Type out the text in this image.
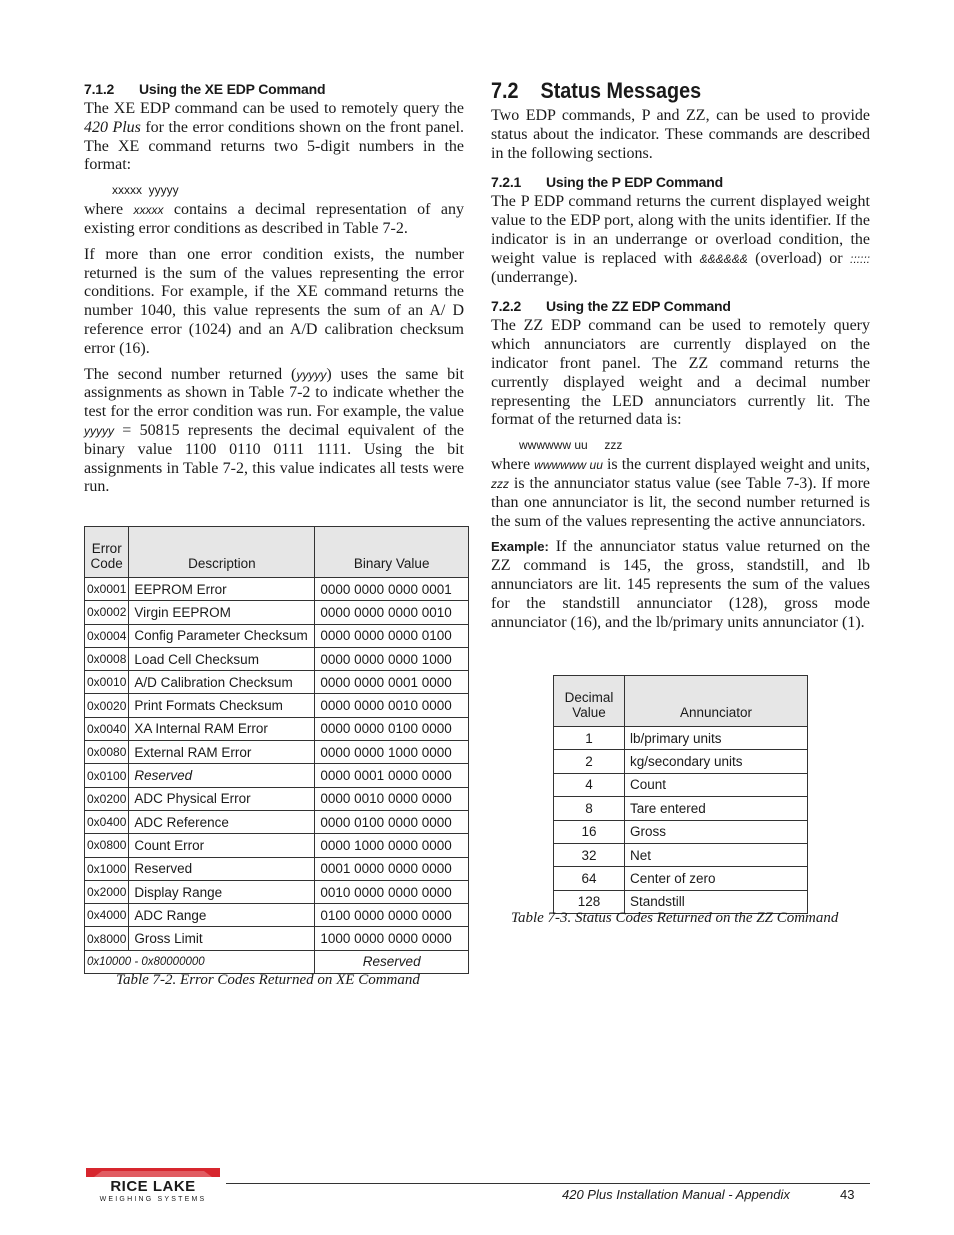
7.1.2 Using the XE EDP Command

The XE EDP command can be used to remotely query the 420 Plus for the error conditions shown on the front panel. The XE command returns two 5-digit numbers in the format:

xxxxx  yyyyy

where xxxxx contains a decimal representation of any existing error conditions as described in Table 7-2.

If more than one error condition exists, the number returned is the sum of the values representing the error conditions. For example, if the XE command returns the number 1040, this value represents the sum of an A/ D reference error (1024) and an A/D calibration checksum error (16).

The second number returned (yyyyy) uses the same bit assignments as shown in Table 7-2 to indicate whether the test for the error condition was run. For example, the value yyyyy = 50815 represents the decimal equivalent of the binary value 1100 0110 0111 1111. Using the bit assignments in Table 7-2, this value indicates all tests were run.

Error Code	Description	Binary Value
0x0001	EEPROM Error	0000 0000 0000 0001
0x0002	Virgin EEPROM	0000 0000 0000 0010
0x0004	Config Parameter Checksum	0000 0000 0000 0100
0x0008	Load Cell Checksum	0000 0000 0000 1000
0x0010	A/D Calibration Checksum	0000 0000 0001 0000
0x0020	Print Formats Checksum	0000 0000 0010 0000
0x0040	XA Internal RAM Error	0000 0000 0100 0000
0x0080	External RAM Error	0000 0000 1000 0000
0x0100	Reserved	0000 0001 0000 0000
0x0200	ADC Physical Error	0000 0010 0000 0000
0x0400	ADC Reference	0000 0100 0000 0000
0x0800	Count Error	0000 1000 0000 0000
0x1000	Reserved	0001 0000 0000 0000
0x2000	Display Range	0010 0000 0000 0000
0x4000	ADC Range	0100 0000 0000 0000
0x8000	Gross Limit	1000 0000 0000 0000
0x10000 - 0x80000000		Reserved
Table 7-2. Error Codes Returned on XE Command
7.2 Status Messages

Two EDP commands, P and ZZ, can be used to provide status about the indicator. These commands are described in the following sections.

7.2.1 Using the P EDP Command

The P EDP command returns the current displayed weight value to the EDP port, along with the units identifier. If the indicator is in an underrange or overload condition, the weight value is replaced with &&&&&& (overload) or :::::: (underrange).

7.2.2 Using the ZZ EDP Command

The ZZ EDP command can be used to remotely query which annunciators are currently displayed on the indicator front panel. The ZZ command returns the currently displayed weight and a decimal number representing the LED annunciators currently lit. The format of the returned data is:

wwwwww uu     zzz

where wwwwww uu is the current displayed weight and units, zzz is the annunciator status value (see Table 7-3). If more than one annunciator is lit, the second number returned is the sum of the values representing the active annunciators.

Example: If the annunciator status value returned on the ZZ command is 145, the gross, standstill, and lb annunciators are lit. 145 represents the sum of the values for the standstill annunciator (128), gross mode annunciator (16), and the lb/primary units annunciator (1).

Decimal Value	Annunciator
1	lb/primary units
2	kg/secondary units
4	Count
8	Tare entered
16	Gross
32	Net
64	Center of zero
128	Standstill
Table 7-3. Status Codes Returned on the ZZ Command
RICE LAKE
WEIGHING SYSTEMS	420 Plus Installation Manual - Appendix	43
